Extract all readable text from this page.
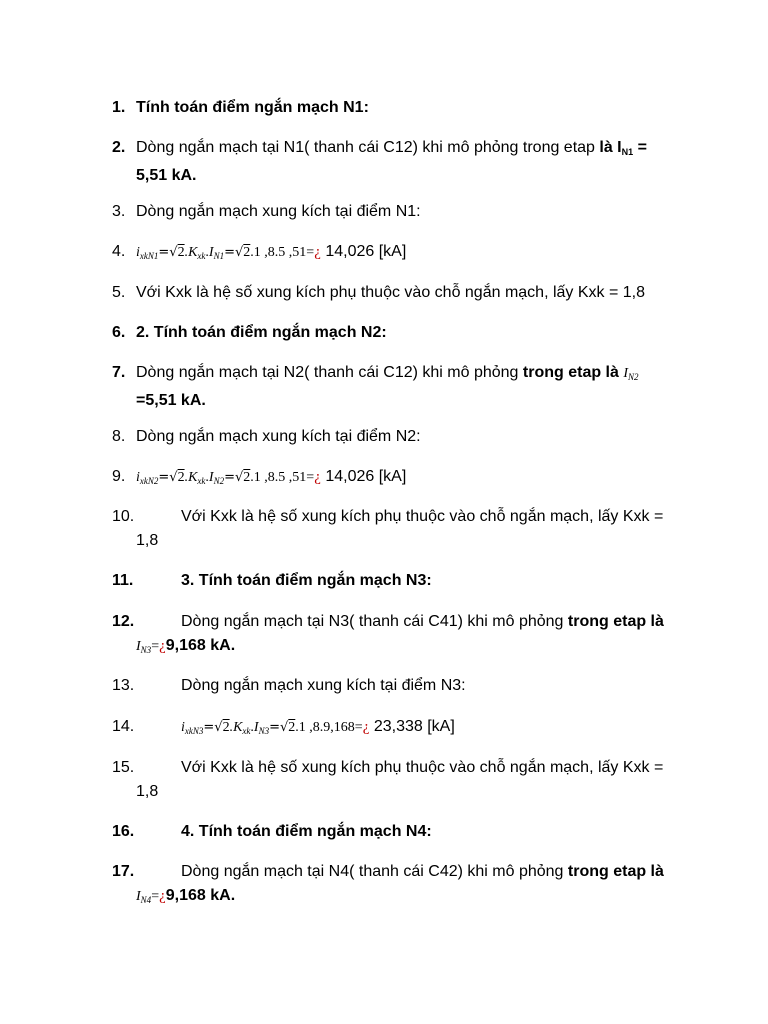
1. Tính toán điểm ngắn mạch N1:
2. Dòng ngắn mạch tại N1( thanh cái C12) khi mô phỏng trong etap là $I_{N1} = 5,51$ kA.
3. Dòng ngắn mạch xung kích tại điểm N1:
4. $i_{xkN1}=√2.K_{xk}.I_{N1}=√2.1$ ,8.5 ,51=¿ 14,026 [kA]
5. Với Kxk là hệ số xung kích phụ thuộc vào chỗ ngắn mạch, lấy Kxk = 1,8
6. 2. Tính toán điểm ngắn mạch N2:
7. Dòng ngắn mạch tại N2( thanh cái C12) khi mô phỏng trong etap là $I_{N2} =5,51$ kA.
8. Dòng ngắn mạch xung kích tại điểm N2:
9. $i_{xkN2}=√2.K_{xk}.I_{N2}=√2.1$ ,8.5 ,51=¿ 14,026 [kA]
10.	Với Kxk là hệ số xung kích phụ thuộc vào chỗ ngắn mạch, lấy Kxk = 1,8
11.	3. Tính toán điểm ngắn mạch N3:
12.	Dòng ngắn mạch tại N3( thanh cái C41) khi mô phỏng trong etap là $I_{N3}=¿9,168$ kA.
13.	Dòng ngắn mạch xung kích tại điểm N3:
14.	$i_{xkN3}=√2.K_{xk}.I_{N3}=√2.1$ ,8.9,168=¿ 23,338 [kA]
15.	Với Kxk là hệ số xung kích phụ thuộc vào chỗ ngắn mạch, lấy Kxk = 1,8
16.	4. Tính toán điểm ngắn mạch N4:
17.	Dòng ngắn mạch tại N4( thanh cái C42) khi mô phỏng trong etap là $I_{N4}=¿9,168$ kA.
